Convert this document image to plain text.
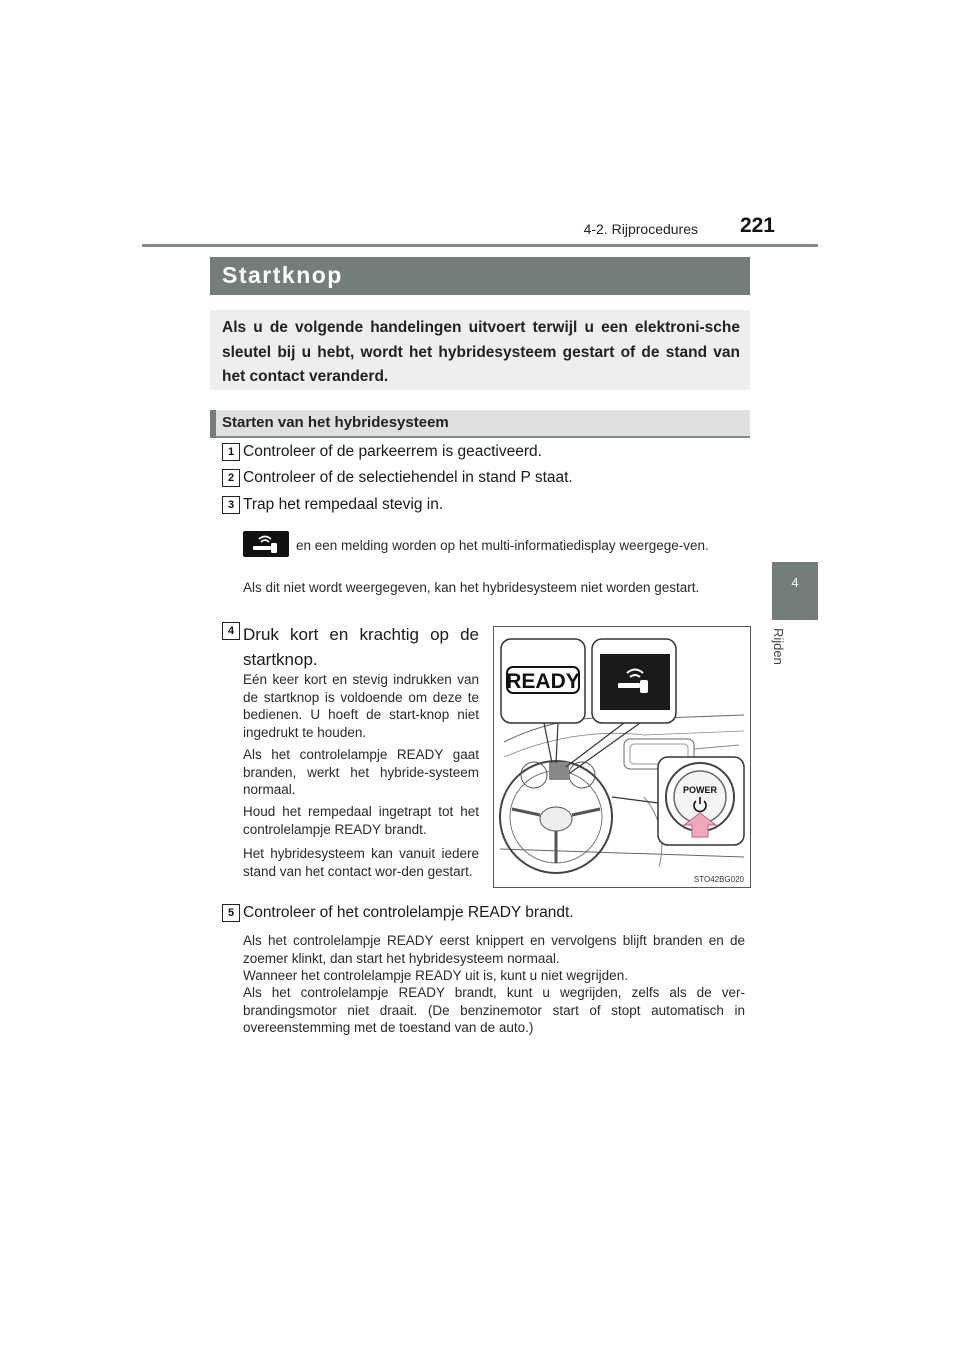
4-2. Rijprocedures	221
4
Rijden
Startknop
Als u de volgende handelingen uitvoert terwijl u een elektroni-sche sleutel bij u hebt, wordt het hybridesysteem gestart of de stand van het contact veranderd.
Starten van het hybridesysteem
1 Controleer of de parkeerrem is geactiveerd.
2 Controleer of de selectiehendel in stand P staat.
3 Trap het rempedaal stevig in.
en een melding worden op het multi-informatiedisplay weergege-ven.
Als dit niet wordt weergegeven, kan het hybridesysteem niet worden gestart.
4 Druk kort en krachtig op de startknop.
Eén keer kort en stevig indrukken van de startknop is voldoende om deze te bedienen. U hoeft de start-knop niet ingedrukt te houden.
Als het controlelampje READY gaat branden, werkt het hybride-systeem normaal.
Houd het rempedaal ingetrapt tot het controlelampje READY brandt.
Het hybridesysteem kan vanuit iedere stand van het contact wor-den gestart.
READY
POWER
STO42BG020
5 Controleer of het controlelampje READY brandt.
Als het controlelampje READY eerst knippert en vervolgens blijft branden en de zoemer klinkt, dan start het hybridesysteem normaal.
Wanneer het controlelampje READY uit is, kunt u niet wegrijden.
Als het controlelampje READY brandt, kunt u wegrijden, zelfs als de ver-brandingsmotor niet draait. (De benzinemotor start of stopt automatisch in overeenstemming met de toestand van de auto.)
